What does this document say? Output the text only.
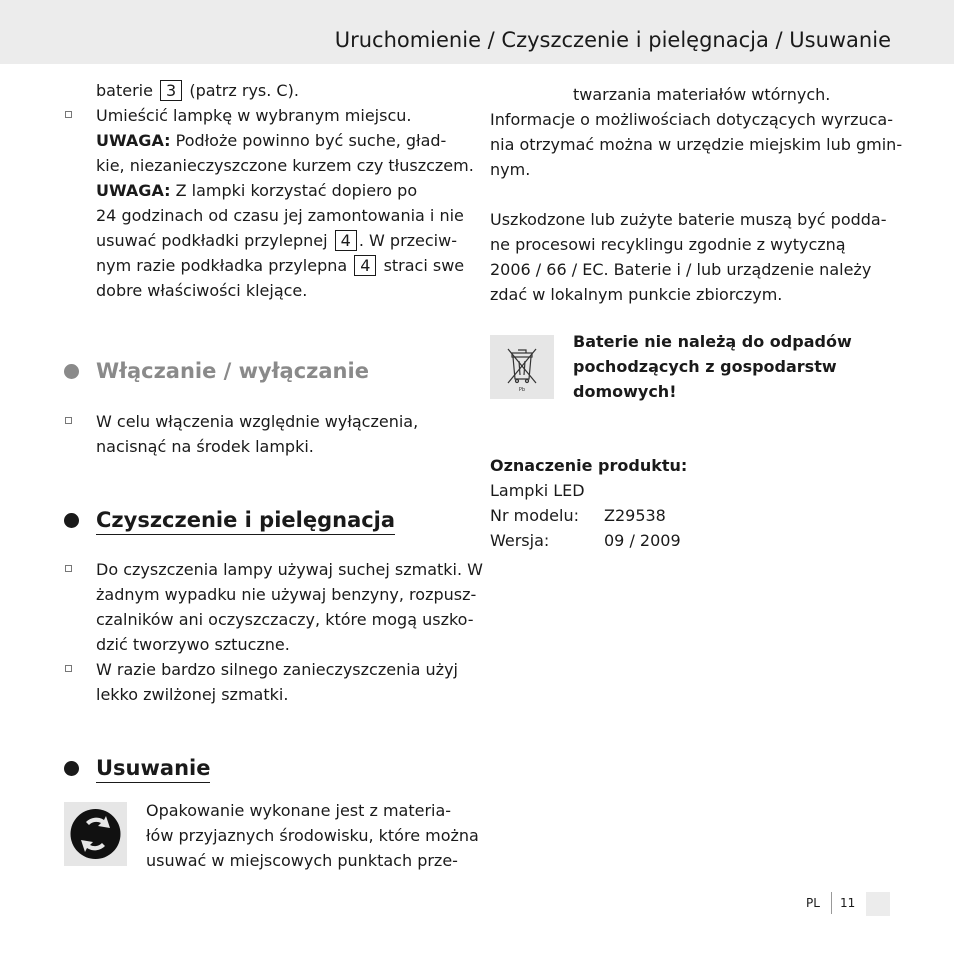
Uruchomienie / Czyszczenie i pielęgnacja / Usuwanie
baterie 3 (patrz rys. C).
Umieścić lampkę w wybranym miejscu.
UWAGA: Podłoże powinno być suche, gład-
kie, niezanieczyszczone kurzem czy tłuszczem.
UWAGA: Z lampki korzystać dopiero po
24 godzinach od czasu jej zamontowania i nie
usuwać podkładki przylepnej 4 . W przeciw-
nym razie podkładka przylepna 4 straci swe
dobre właściwości klejące.
Włączanie / wyłączanie
W celu włączenia względnie wyłączenia,
nacisnąć na środek lampki.
Czyszczenie i pielęgnacja
Do czyszczenia lampy używaj suchej szmatki. W
żadnym wypadku nie używaj benzyny, rozpusz-
czalników ani oczyszczaczy, które mogą uszko-
dzić tworzywo sztuczne.
W razie bardzo silnego zanieczyszczenia użyj
lekko zwilżonej szmatki.
Usuwanie
Opakowanie wykonane jest z materia-
łów przyjaznych środowisku, które można
usuwać w miejscowych punktach prze-
twarzania materiałów wtórnych.
Informacje o możliwościach dotyczących wyrzuca-
nia otrzymać można w urzędzie miejskim lub gmin-
nym.
Uszkodzone lub zużyte baterie muszą być podda-
ne procesowi recyklingu zgodnie z wytyczną
2006 / 66 / EC. Baterie i / lub urządzenie należy
zdać w lokalnym punkcie zbiorczym.
Pb
Baterie nie należą do odpadów
pochodzących z gospodarstw
domowych!
Oznaczenie produktu:
Lampki LED
Nr modelu:	Z29538
Wersja:	09 / 2009
PL 11
